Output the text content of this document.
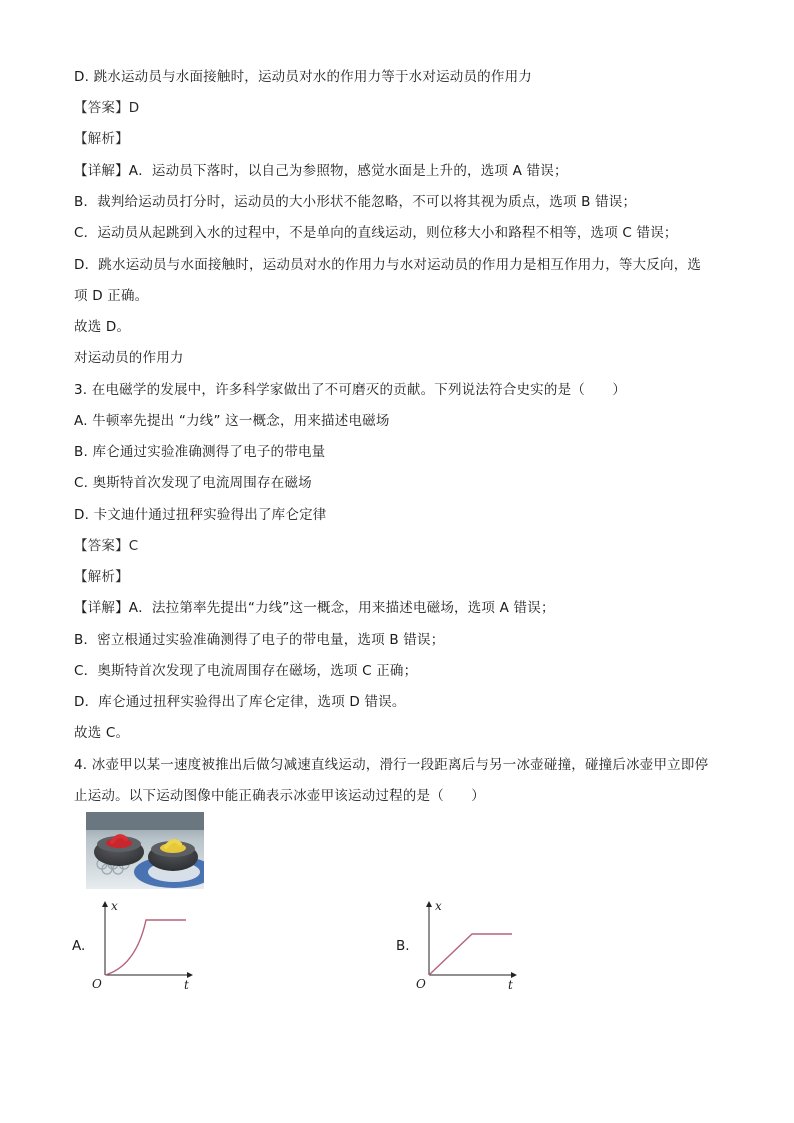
D. 跳水运动员与水面接触时，运动员对水的作用力等于水对运动员的作用力
【答案】D
【解析】
【详解】A．运动员下落时，以自己为参照物，感觉水面是上升的，选项 A 错误；
B．裁判给运动员打分时，运动员的大小形状不能忽略，不可以将其视为质点，选项 B 错误；
C．运动员从起跳到入水的过程中，不是单向的直线运动，则位移大小和路程不相等，选项 C 错误；
D．跳水运动员与水面接触时，运动员对水的作用力与水对运动员的作用力是相互作用力，等大反向，选
项 D 正确。
故选 D。
对运动员的作用力
3. 在电磁学的发展中，许多科学家做出了不可磨灭的贡献。下列说法符合史实的是（　　）
A. 牛顿率先提出 “力线” 这一概念，用来描述电磁场
B. 库仑通过实验准确测得了电子的带电量
C. 奥斯特首次发现了电流周围存在磁场
D. 卡文迪什通过扭秤实验得出了库仑定律
【答案】C
【解析】
【详解】A．法拉第率先提出“力线”这一概念，用来描述电磁场，选项 A 错误；
B．密立根通过实验准确测得了电子的带电量，选项 B 错误；
C．奥斯特首次发现了电流周围存在磁场，选项 C 正确；
D．库仑通过扭秤实验得出了库仑定律，选项 D 错误。
故选 C。
4. 冰壶甲以某一速度被推出后做匀减速直线运动，滑行一段距离后与另一冰壶碰撞，碰撞后冰壶甲立即停
止运动。以下运动图像中能正确表示冰壶甲该运动过程的是（　　）
A.
x
t
O
B.
x
t
O
